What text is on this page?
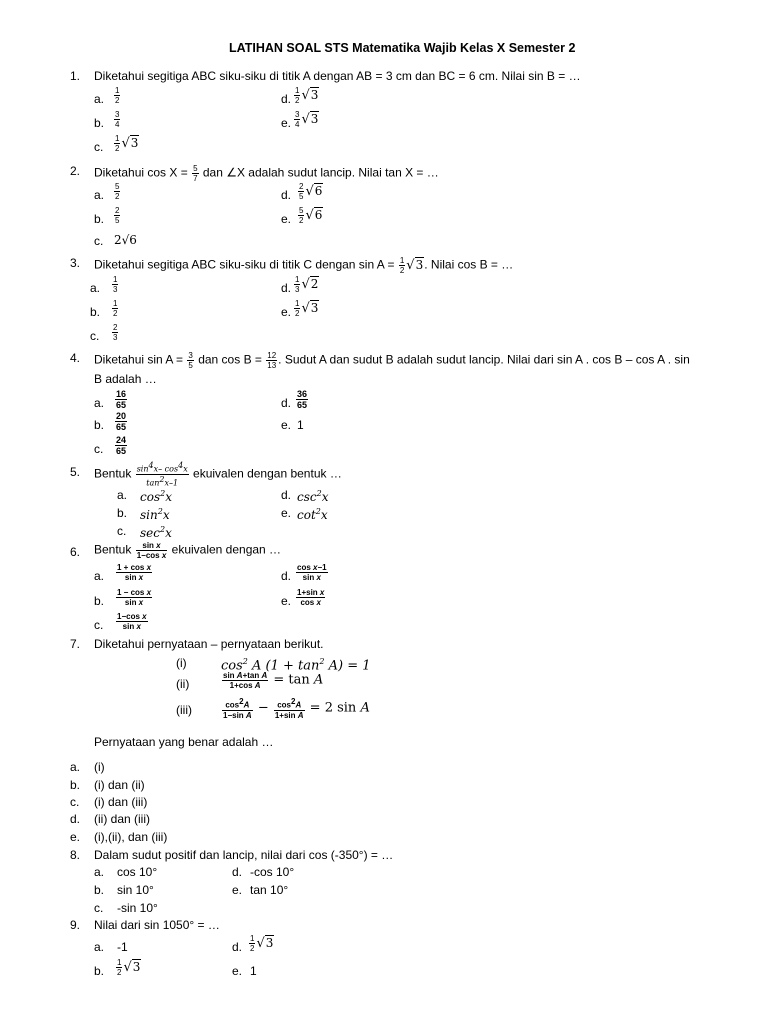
LATIHAN SOAL STS Matematika Wajib Kelas X Semester 2
1. Diketahui segitiga ABC siku-siku di titik A dengan AB = 3 cm dan BC = 6 cm. Nilai sin B = …
a. $\frac{1}{2}$	d. $\frac{1}{2} √3$
b. $\frac{3}{4}$	e. $\frac{3}{4} √3$
c. $\frac{1}{2} √3$
2. Diketahui $\cos X = \frac{5}{7}$ dan ∠X adalah sudut lancip. Nilai tan X = …
a. $\frac{5}{2}$	d. $\frac{2}{5} √6$
b. $\frac{2}{5}$	e. $\frac{5}{2} √6$
c. 2√6
3. Diketahui segitiga ABC siku-siku di titik C dengan $\sin A = \frac{1}{2} √3$. Nilai cos B = …
a. $\frac{1}{3}$	d. $\frac{1}{3} √2$
b. $\frac{1}{2}$	e. $\frac{1}{2} √3$
c. $\frac{2}{3}$
4. Diketahui $\sin A = \frac{3}{5}$ dan $\cos B = \frac{12}{13}$ . Sudut A dan sudut B adalah sudut lancip. Nilai dari sin A . cos B – cos A . sin
B adalah …
a. $\frac{16}{65}$	d. $\frac{36}{65}$
b. $\frac{20}{65}$	e. 1
c. $\frac{24}{65}$
5. Bentuk $\frac{\sin^4x- \cos^4x}{\tan^2x-1}$ ekuivalen dengan bentuk …
a. $\cos^2x$	d. $\csc^2x$
b. $\sin^2x$	e. $\cot^2x$
c. $\sec^2x$
6. Bentuk $\frac{\text{sin x}}{\text{1−cos x}}$ ekuivalen dengan …
a. $\frac{\text{1 + cos x}}{\text{sin x}}$	d. $\frac{\text{cos x−1}}{\text{sin x}}$
b. $\frac{\text{1 − cos x}}{\text{sin x}}$	e. $\frac{\text{1+sin x}}{\text{cos x}}$
c. $\frac{\text{1−cos x}}{\text{sin x}}$
7. Diketahui pernyataan – pernyataan berikut.
(i)	$\cos^2 A$ $(1 + \tan^2 A) = 1$
(ii)	$\frac{\text{sin A+tan A}}{\text{1+cos A}} = \tan A$
(iii)	$\frac{\cos^2A}{\text{1−sin A}} - \frac{\cos^2A}{\text{1+sin A}} = 2$ sin A
Pernyataan yang benar adalah …
a. (i)
b. (i) dan (ii)
c. (i) dan (iii)
d. (ii) dan (iii)
e. (i),(ii), dan (iii)
8. Dalam sudut positif dan lancip, nilai dari cos (-350°) = …
a. cos 10°	d. -cos 10°
b. sin 10°	e. tan 10°
c. -sin 10°
9. Nilai dari sin 1050° = …
a. -1	d. $\frac{1}{2} √3$
b. $\frac{1}{2} √3$	e. 1
